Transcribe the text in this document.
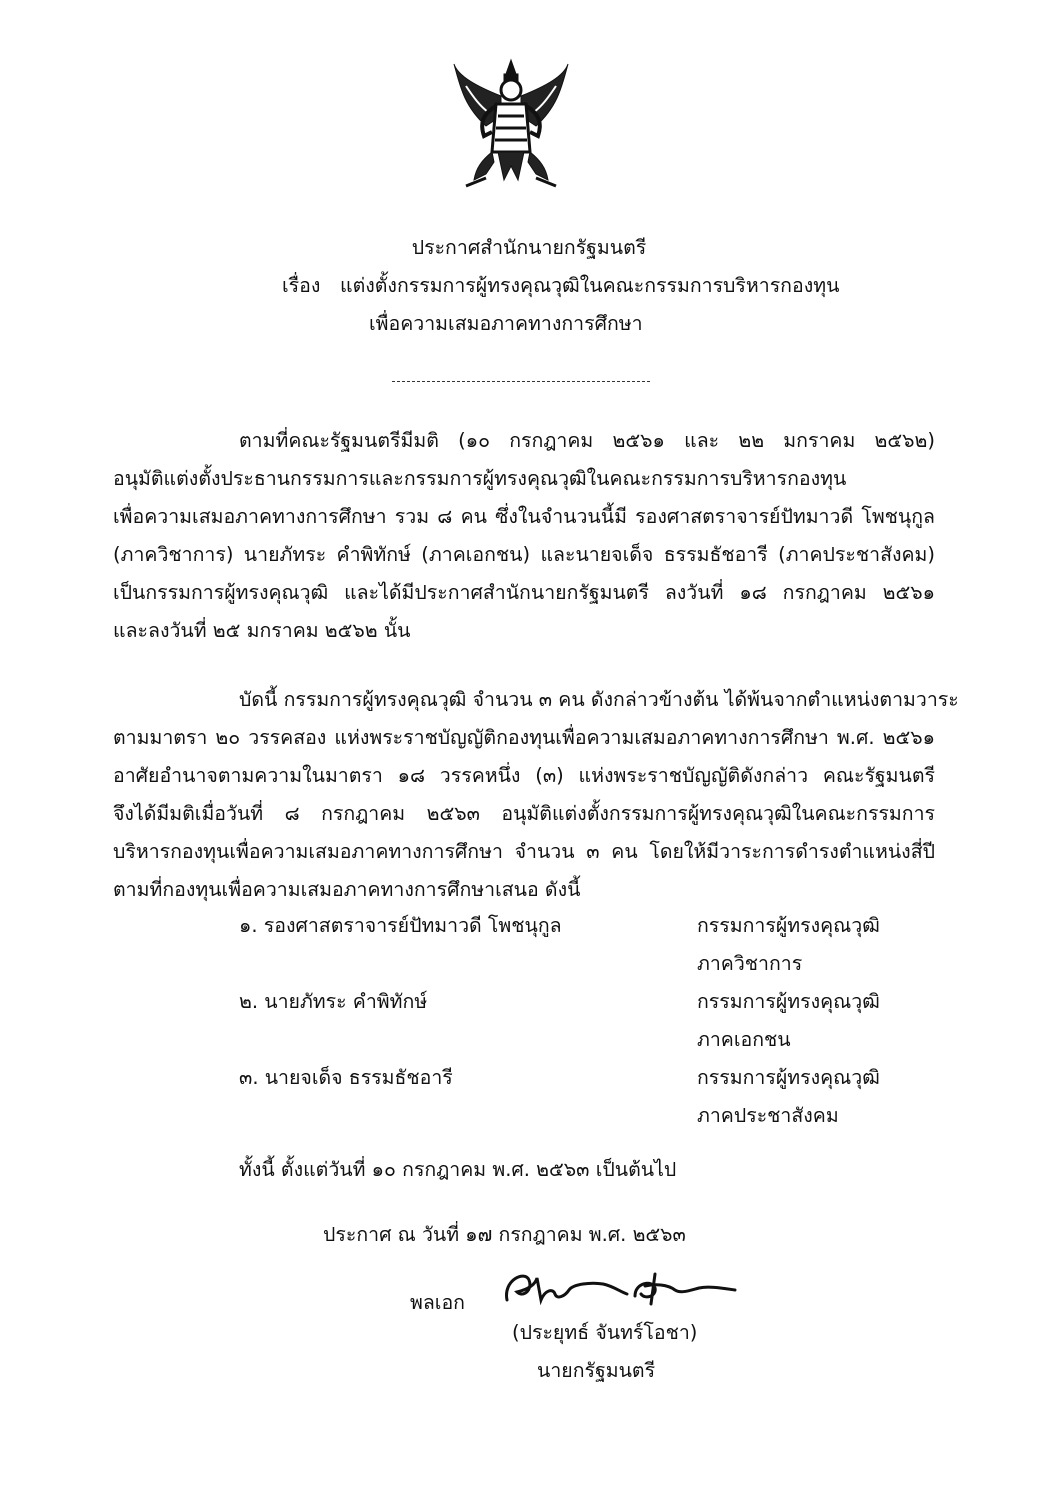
ประกาศสำนักนายกรัฐมนตรี
เรื่อง แต่งตั้งกรรมการผู้ทรงคุณวุฒิในคณะกรรมการบริหารกองทุน
เพื่อความเสมอภาคทางการศึกษา
ตามที่คณะรัฐมนตรีมีมติ (๑๐ กรกฎาคม ๒๕๖๑ และ ๒๒ มกราคม ๒๕๖๒)
อนุมัติแต่งตั้งประธานกรรมการและกรรมการผู้ทรงคุณวุฒิในคณะกรรมการบริหารกองทุน
เพื่อความเสมอภาคทางการศึกษา รวม ๘ คน ซึ่งในจำนวนนี้มี รองศาสตราจารย์ปัทมาวดี โพชนุกูล
(ภาควิชาการ) นายภัทระ คำพิทักษ์ (ภาคเอกชน) และนายจเด็จ ธรรมธัชอารี (ภาคประชาสังคม)
เป็นกรรมการผู้ทรงคุณวุฒิ และได้มีประกาศสำนักนายกรัฐมนตรี ลงวันที่ ๑๘ กรกฎาคม ๒๕๖๑
และลงวันที่ ๒๕ มกราคม ๒๕๖๒ นั้น
บัดนี้ กรรมการผู้ทรงคุณวุฒิ จำนวน ๓ คน ดังกล่าวข้างต้น ได้พ้นจากตำแหน่งตามวาระ
ตามมาตรา ๒๐ วรรคสอง แห่งพระราชบัญญัติกองทุนเพื่อความเสมอภาคทางการศึกษา พ.ศ. ๒๕๖๑
อาศัยอำนาจตามความในมาตรา ๑๘ วรรคหนึ่ง (๓) แห่งพระราชบัญญัติดังกล่าว คณะรัฐมนตรี
จึงได้มีมติเมื่อวันที่ ๘ กรกฎาคม ๒๕๖๓ อนุมัติแต่งตั้งกรรมการผู้ทรงคุณวุฒิในคณะกรรมการ
บริหารกองทุนเพื่อความเสมอภาคทางการศึกษา จำนวน ๓ คน โดยให้มีวาระการดำรงตำแหน่งสี่ปี
ตามที่กองทุนเพื่อความเสมอภาคทางการศึกษาเสนอ ดังนี้
๑. รองศาสตราจารย์ปัทมาวดี โพชนุกูล	กรรมการผู้ทรงคุณวุฒิ
ภาควิชาการ
๒. นายภัทระ คำพิทักษ์	กรรมการผู้ทรงคุณวุฒิ
ภาคเอกชน
๓. นายจเด็จ ธรรมธัชอารี	กรรมการผู้ทรงคุณวุฒิ
ภาคประชาสังคม
ทั้งนี้ ตั้งแต่วันที่ ๑๐ กรกฎาคม พ.ศ. ๒๕๖๓ เป็นต้นไป
ประกาศ ณ วันที่ ๑๗ กรกฎาคม พ.ศ. ๒๕๖๓
พลเอก
(ประยุทธ์ จันทร์โอชา)
นายกรัฐมนตรี
